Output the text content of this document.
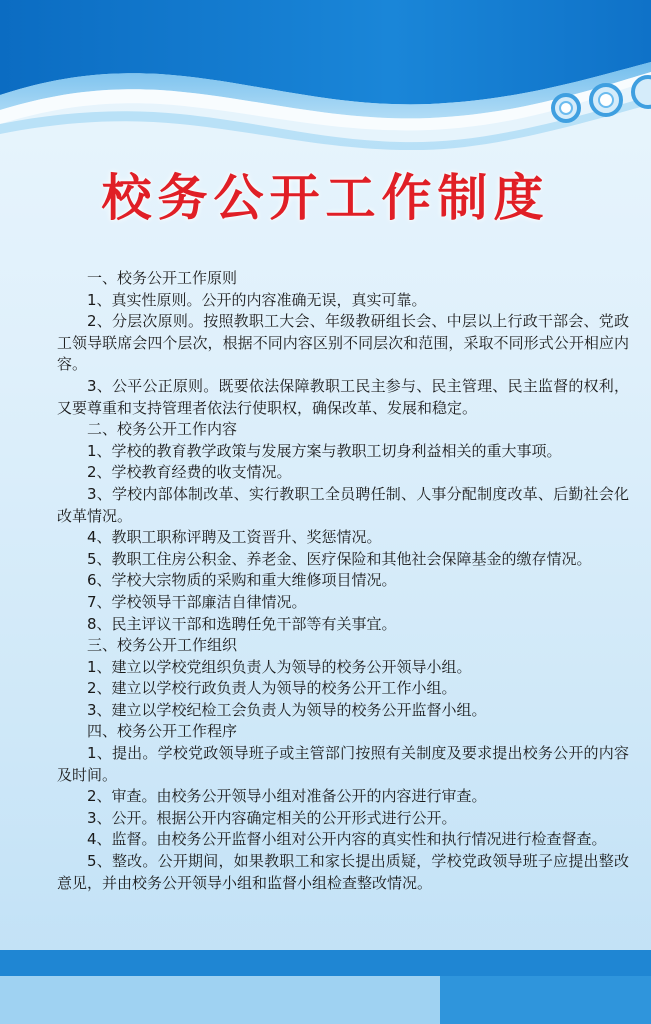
校务公开工作制度

一、校务公开工作原则

1、真实性原则。公开的内容准确无误，真实可靠。

2、分层次原则。按照教职工大会、年级教研组长会、中层以上行政干部会、党政工领导联席会四个层次，根据不同内容区别不同层次和范围，采取不同形式公开相应内容。

3、公平公正原则。既要依法保障教职工民主参与、民主管理、民主监督的权利，又要尊重和支持管理者依法行使职权，确保改革、发展和稳定。

二、校务公开工作内容

1、学校的教育教学政策与发展方案与教职工切身利益相关的重大事项。

2、学校教育经费的收支情况。

3、学校内部体制改革、实行教职工全员聘任制、人事分配制度改革、后勤社会化改革情况。

4、教职工职称评聘及工资晋升、奖惩情况。

5、教职工住房公积金、养老金、医疗保险和其他社会保障基金的缴存情况。

6、学校大宗物质的采购和重大维修项目情况。

7、学校领导干部廉洁自律情况。

8、民主评议干部和选聘任免干部等有关事宜。

三、校务公开工作组织

1、建立以学校党组织负责人为领导的校务公开领导小组。

2、建立以学校行政负责人为领导的校务公开工作小组。

3、建立以学校纪检工会负责人为领导的校务公开监督小组。

四、校务公开工作程序

1、提出。学校党政领导班子或主管部门按照有关制度及要求提出校务公开的内容及时间。

2、审查。由校务公开领导小组对准备公开的内容进行审查。

3、公开。根据公开内容确定相关的公开形式进行公开。

4、监督。由校务公开监督小组对公开内容的真实性和执行情况进行检查督查。

5、整改。公开期间，如果教职工和家长提出质疑，学校党政领导班子应提出整改意见，并由校务公开领导小组和监督小组检查整改情况。
